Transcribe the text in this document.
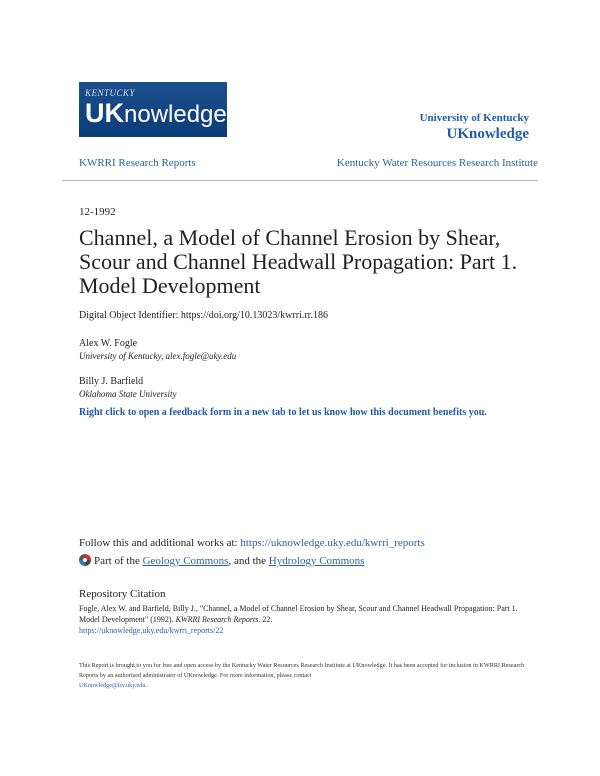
KENTUCKY
UKnowledge	University of Kentucky
UKnowledge
KWRRI Research Reports	Kentucky Water Resources Research Institute
12-1992
Channel, a Model of Channel Erosion by Shear, Scour and Channel Headwall Propagation: Part 1. Model Development
Digital Object Identifier: https://doi.org/10.13023/kwrri.rr.186
Alex W. Fogle
University of Kentucky, alex.fogle@uky.edu
Billy J. Barfield
Oklahoma State University
Right click to open a feedback form in a new tab to let us know how this document benefits you.
Follow this and additional works at: https://uknowledge.uky.edu/kwrri_reports
Part of the Geology Commons, and the Hydrology Commons
Repository Citation
Fogle, Alex W. and Barfield, Billy J., "Channel, a Model of Channel Erosion by Shear, Scour and Channel Headwall Propagation: Part 1. Model Development" (1992). KWRRI Research Reports. 22.
https://uknowledge.uky.edu/kwrri_reports/22
This Report is brought to you for free and open access by the Kentucky Water Resources Research Institute at UKnowledge. It has been accepted for inclusion in KWRRI Research Reports by an authorized administrator of UKnowledge. For more information, please contact
UKnowledge@lsv.uky.edu.
